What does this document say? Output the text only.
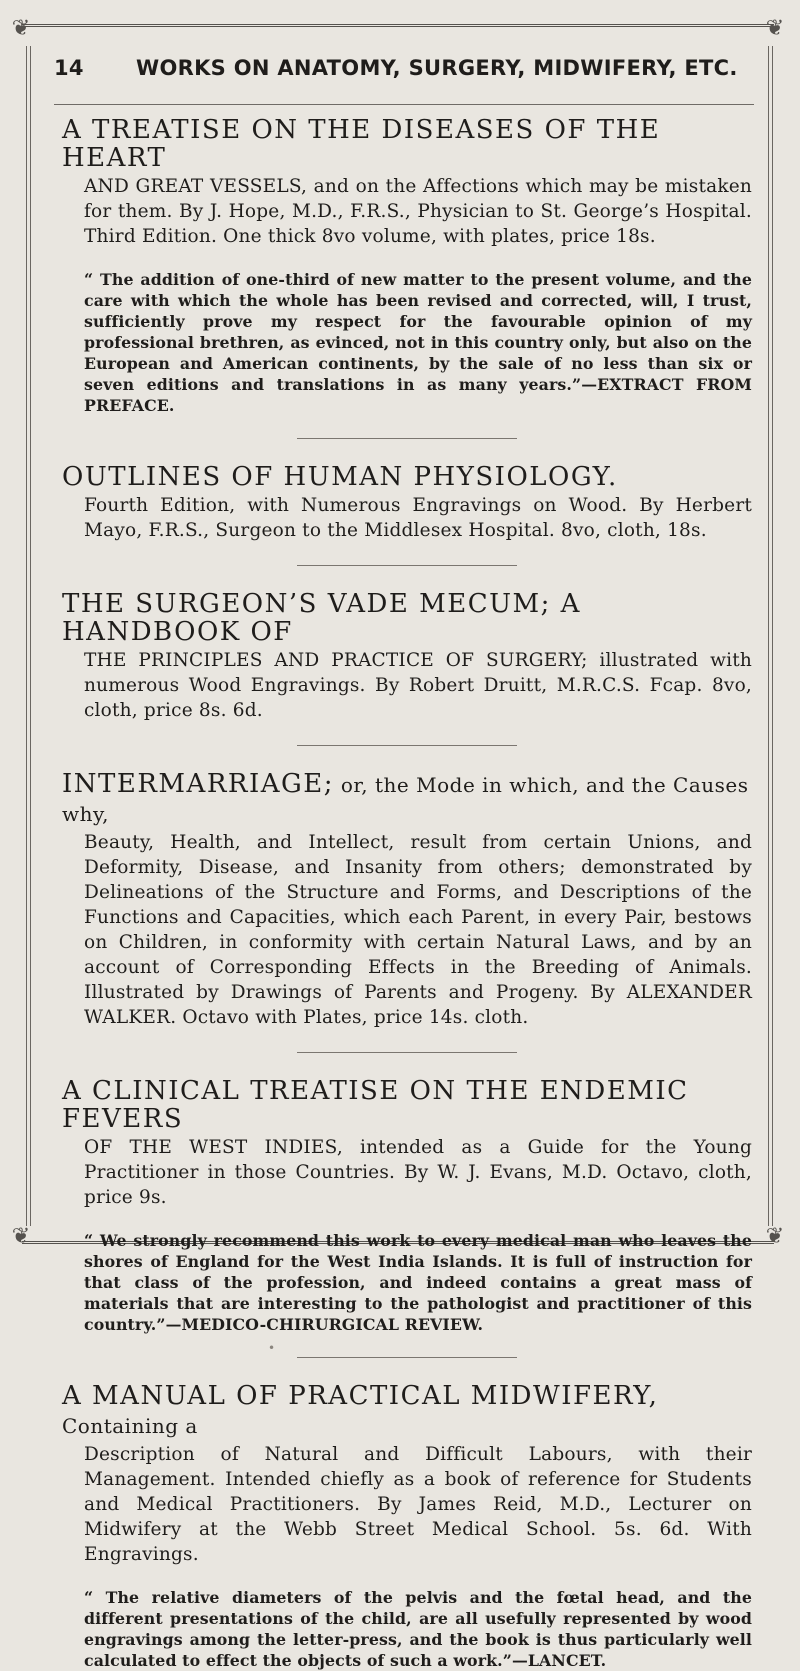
❦	❦
❦	❦
14	WORKS ON ANATOMY, SURGERY, MIDWIFERY, ETC.
A TREATISE ON THE DISEASES OF THE HEART

AND GREAT VESSELS, and on the Affections which may be mistaken for them. By J. Hope, M.D., F.R.S., Physician to St. George’s Hospital. Third Edition. One thick 8vo volume, with plates, price 18s.

“ The addition of one-third of new matter to the present volume, and the care with which the whole has been revised and corrected, will, I trust, sufficiently prove my respect for the favourable opinion of my professional brethren, as evinced, not in this country only, but also on the European and American continents, by the sale of no less than six or seven editions and translations in as many years.”—EXTRACT FROM PREFACE.

OUTLINES OF HUMAN PHYSIOLOGY.

Fourth Edition, with Numerous Engravings on Wood. By Herbert Mayo, F.R.S., Surgeon to the Middlesex Hospital. 8vo, cloth, 18s.

THE SURGEON’S VADE MECUM; A HANDBOOK OF

THE PRINCIPLES AND PRACTICE OF SURGERY; illustrated with numerous Wood Engravings. By Robert Druitt, M.R.C.S. Fcap. 8vo, cloth, price 8s. 6d.

INTERMARRIAGE; or, the Mode in which, and the Causes why,

Beauty, Health, and Intellect, result from certain Unions, and Deformity, Disease, and Insanity from others; demonstrated by Delineations of the Structure and Forms, and Descriptions of the Functions and Capacities, which each Parent, in every Pair, bestows on Children, in conformity with certain Natural Laws, and by an account of Corresponding Effects in the Breeding of Animals. Illustrated by Drawings of Parents and Progeny. By ALEXANDER WALKER. Octavo with Plates, price 14s. cloth.

A CLINICAL TREATISE ON THE ENDEMIC FEVERS

OF THE WEST INDIES, intended as a Guide for the Young Practitioner in those Countries. By W. J. Evans, M.D. Octavo, cloth, price 9s.

“ We strongly recommend this work to every medical man who leaves the shores of England for the West India Islands. It is full of instruction for that class of the profession, and indeed contains a great mass of materials that are interesting to the pathologist and practitioner of this country.”—MEDICO-CHIRURGICAL REVIEW.

•
A MANUAL OF PRACTICAL MIDWIFERY, Containing a

Description of Natural and Difficult Labours, with their Management. Intended chiefly as a book of reference for Students and Medical Practitioners. By James Reid, M.D., Lecturer on Midwifery at the Webb Street Medical School. 5s. 6d. With Engravings.

“ The relative diameters of the pelvis and the fœtal head, and the different presentations of the child, are all usefully represented by wood engravings among the letter-press, and the book is thus particularly well calculated to effect the objects of such a work.”—LANCET.
